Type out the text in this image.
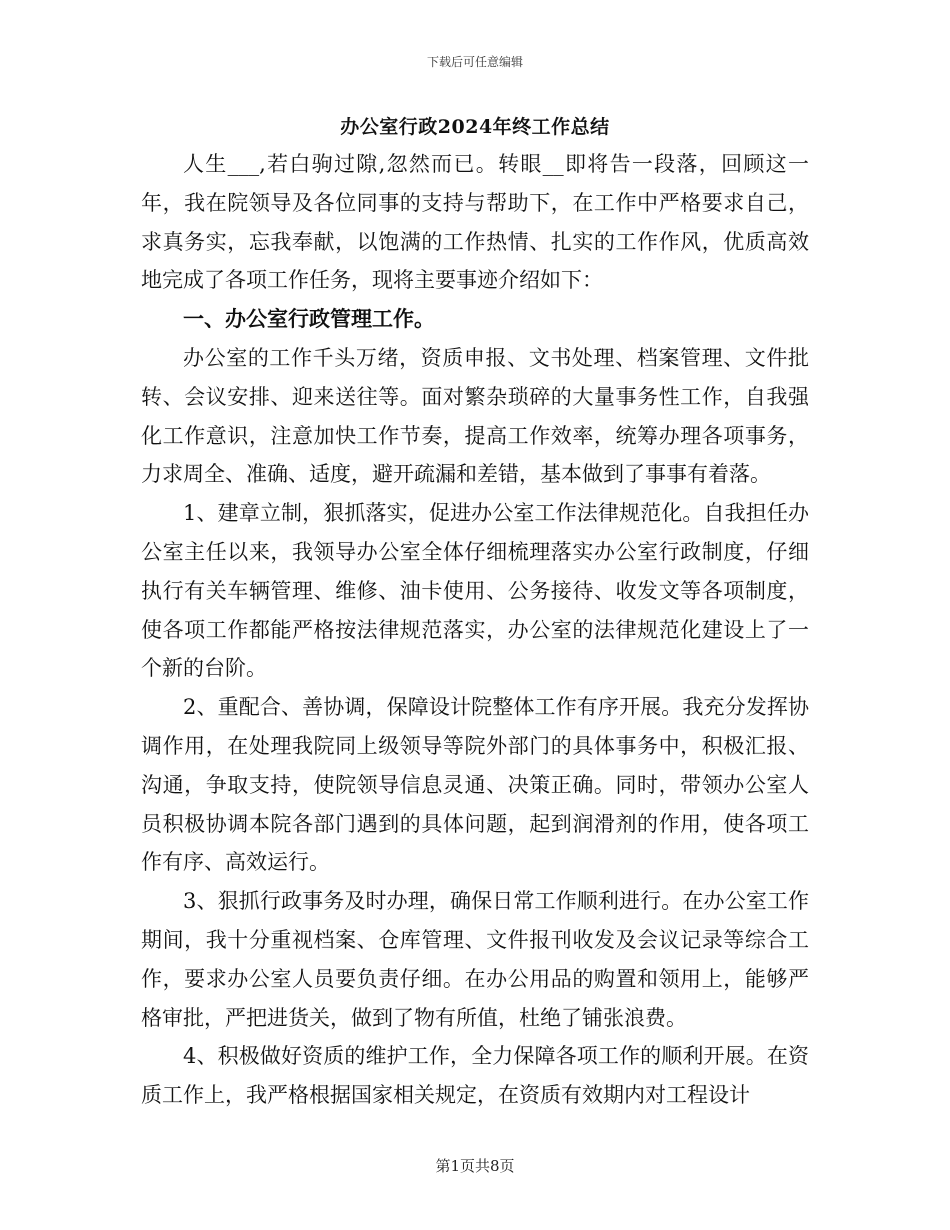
下载后可任意编辑
办公室行政2024年终工作总结

人生___,若白驹过隙,忽然而已。转眼__即将告一段落，回顾这一年，我在院领导及各位同事的支持与帮助下，在工作中严格要求自己，求真务实，忘我奉献，以饱满的工作热情、扎实的工作作风，优质高效地完成了各项工作任务，现将主要事迹介绍如下：

一、办公室行政管理工作。

办公室的工作千头万绪，资质申报、文书处理、档案管理、文件批转、会议安排、迎来送往等。面对繁杂琐碎的大量事务性工作，自我强化工作意识，注意加快工作节奏，提高工作效率，统筹办理各项事务，力求周全、准确、适度，避开疏漏和差错，基本做到了事事有着落。

1、建章立制，狠抓落实，促进办公室工作法律规范化。自我担任办公室主任以来，我领导办公室全体仔细梳理落实办公室行政制度，仔细执行有关车辆管理、维修、油卡使用、公务接待、收发文等各项制度，使各项工作都能严格按法律规范落实，办公室的法律规范化建设上了一个新的台阶。

2、重配合、善协调，保障设计院整体工作有序开展。我充分发挥协调作用，在处理我院同上级领导等院外部门的具体事务中，积极汇报、沟通，争取支持，使院领导信息灵通、决策正确。同时，带领办公室人员积极协调本院各部门遇到的具体问题，起到润滑剂的作用，使各项工作有序、高效运行。

3、狠抓行政事务及时办理，确保日常工作顺利进行。在办公室工作期间，我十分重视档案、仓库管理、文件报刊收发及会议记录等综合工作，要求办公室人员要负责仔细。在办公用品的购置和领用上，能够严格审批，严把进货关，做到了物有所值，杜绝了铺张浪费。

4、积极做好资质的维护工作，全力保障各项工作的顺利开展。在资质工作上，我严格根据国家相关规定，在资质有效期内对工程设计

第1页共8页
